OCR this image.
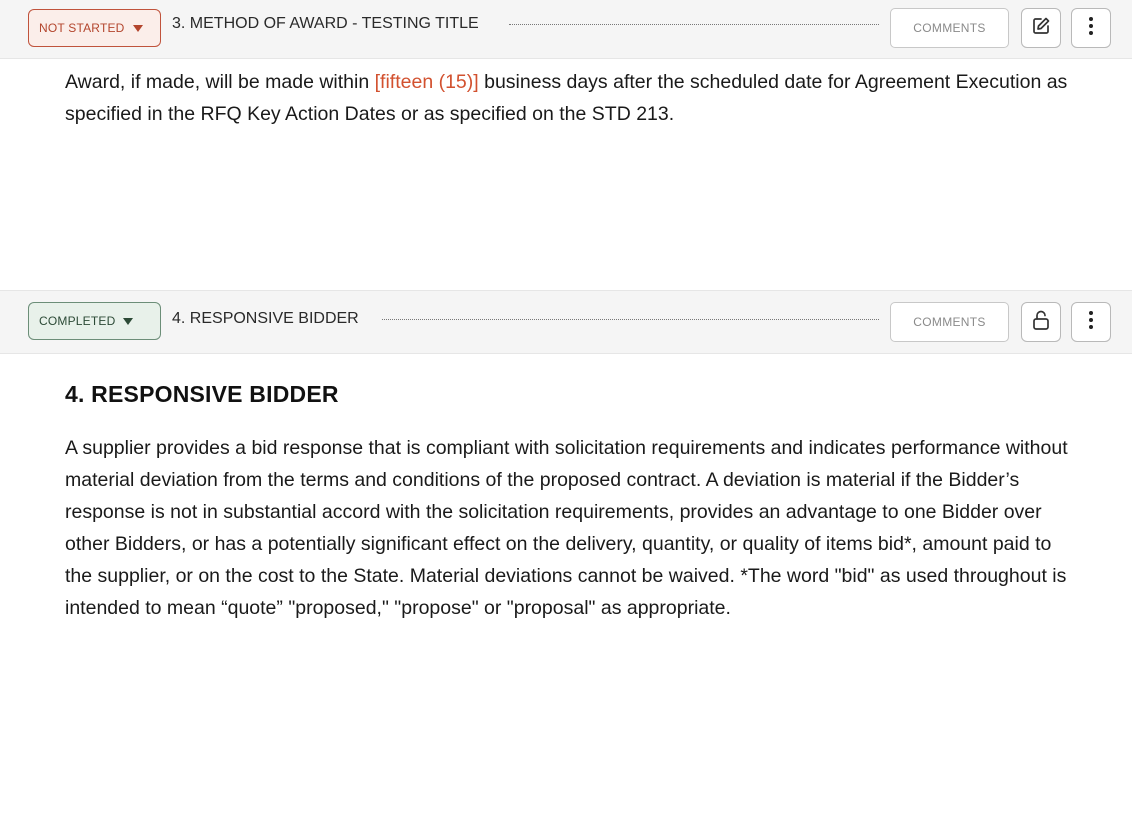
NOT STARTED	3. METHOD OF AWARD - TESTING TITLE	COMMENTS
Award, if made, will be made within [fifteen (15)] business days after the scheduled date for Agreement Execution as specified in the RFQ Key Action Dates or as specified on the STD 213.
COMPLETED	4. RESPONSIVE BIDDER	COMMENTS
4. RESPONSIVE BIDDER
A supplier provides a bid response that is compliant with solicitation requirements and indicates performance without material deviation from the terms and conditions of the proposed contract. A deviation is material if the Bidder’s response is not in substantial accord with the solicitation requirements, provides an advantage to one Bidder over other Bidders, or has a potentially significant effect on the delivery, quantity, or quality of items bid*, amount paid to the supplier, or on the cost to the State. Material deviations cannot be waived. *The word "bid" as used throughout is intended to mean “quote” "proposed," "propose" or "proposal" as appropriate.
